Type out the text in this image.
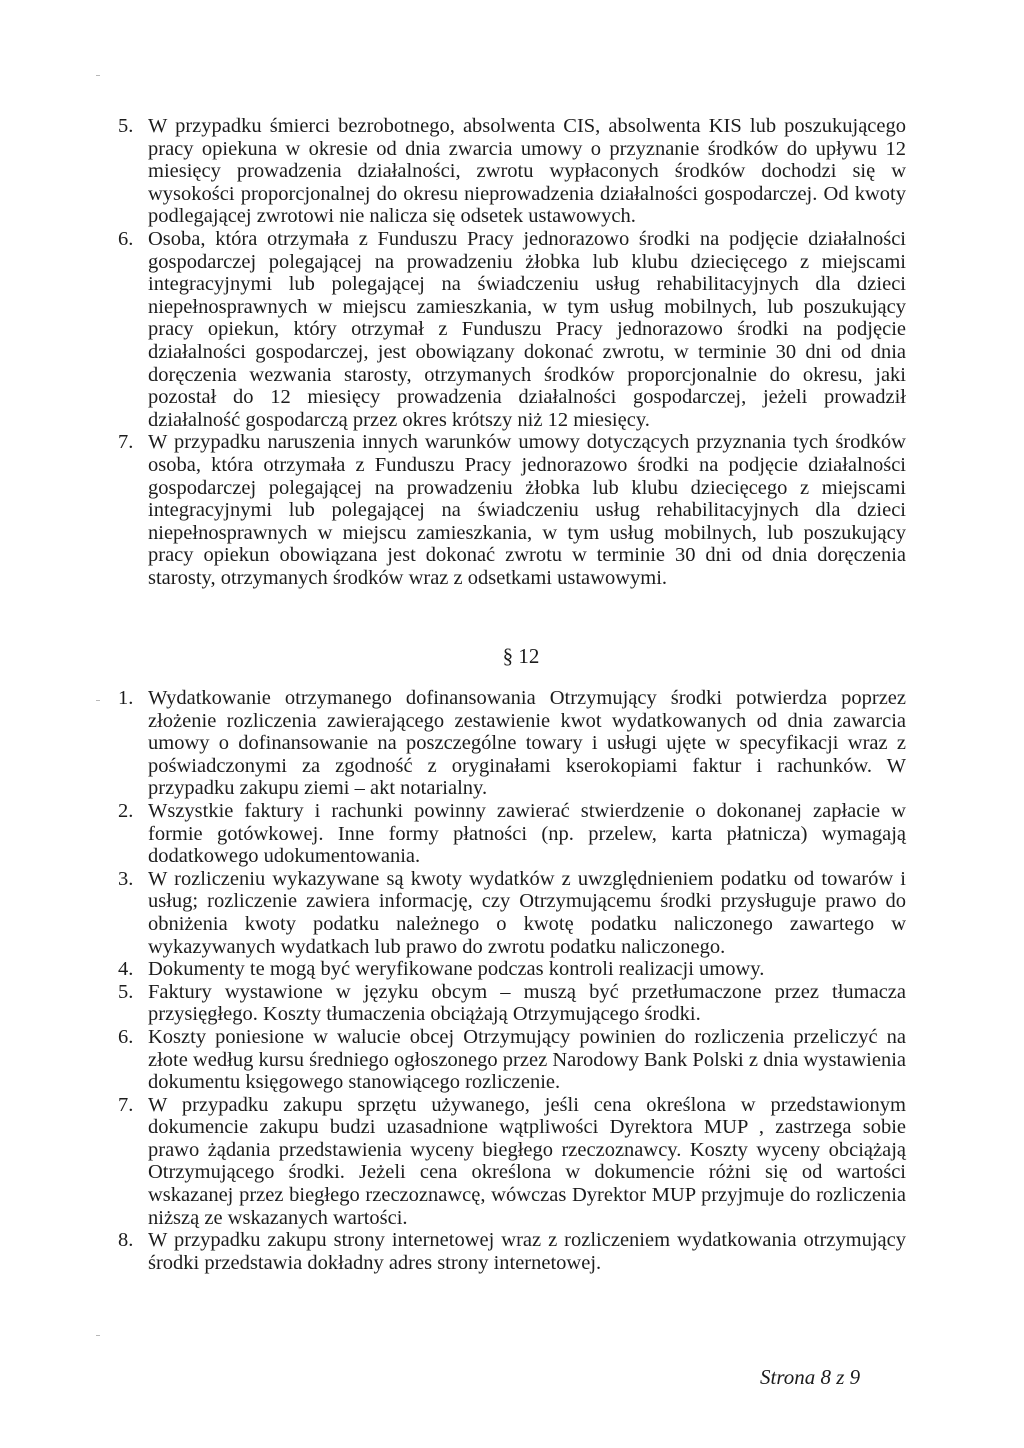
5. W przypadku śmierci bezrobotnego, absolwenta CIS, absolwenta KIS lub poszukującego pracy opiekuna w okresie od dnia zwarcia umowy o przyznanie środków do upływu 12 miesięcy prowadzenia działalności, zwrotu wypłaconych środków dochodzi się w wysokości proporcjonalnej do okresu nieprowadzenia działalności gospodarczej. Od kwoty podlegającej zwrotowi nie nalicza się odsetek ustawowych.
6. Osoba, która otrzymała z Funduszu Pracy jednorazowo środki na podjęcie działalności gospodarczej polegającej na prowadzeniu żłobka lub klubu dziecięcego z miejscami integracyjnymi lub polegającej na świadczeniu usług rehabilitacyjnych dla dzieci niepełnosprawnych w miejscu zamieszkania, w tym usług mobilnych, lub poszukujący pracy opiekun, który otrzymał z Funduszu Pracy jednorazowo środki na podjęcie działalności gospodarczej, jest obowiązany dokonać zwrotu, w terminie 30 dni od dnia doręczenia wezwania starosty, otrzymanych środków proporcjonalnie do okresu, jaki pozostał do 12 miesięcy prowadzenia działalności gospodarczej, jeżeli prowadził działalność gospodarczą przez okres krótszy niż 12 miesięcy.
7. W przypadku naruszenia innych warunków umowy dotyczących przyznania tych środków osoba, która otrzymała z Funduszu Pracy jednorazowo środki na podjęcie działalności gospodarczej polegającej na prowadzeniu żłobka lub klubu dziecięcego z miejscami integracyjnymi lub polegającej na świadczeniu usług rehabilitacyjnych dla dzieci niepełnosprawnych w miejscu zamieszkania, w tym usług mobilnych, lub poszukujący pracy opiekun obowiązana jest dokonać zwrotu w terminie 30 dni od dnia doręczenia starosty, otrzymanych środków wraz z odsetkami ustawowymi.
§ 12
1. Wydatkowanie otrzymanego dofinansowania Otrzymujący środki potwierdza poprzez złożenie rozliczenia zawierającego zestawienie kwot wydatkowanych od dnia zawarcia umowy o dofinansowanie na poszczególne towary i usługi ujęte w specyfikacji wraz z poświadczonymi za zgodność z oryginałami kserokopiami faktur i rachunków. W przypadku zakupu ziemi – akt notarialny.
2. Wszystkie faktury i rachunki powinny zawierać stwierdzenie o dokonanej zapłacie w formie gotówkowej. Inne formy płatności (np. przelew, karta płatnicza) wymagają dodatkowego udokumentowania.
3. W rozliczeniu wykazywane są kwoty wydatków z uwzględnieniem podatku od towarów i usług; rozliczenie zawiera informację, czy Otrzymującemu środki przysługuje prawo do obniżenia kwoty podatku należnego o kwotę podatku naliczonego zawartego w wykazywanych wydatkach lub prawo do zwrotu podatku naliczonego.
4. Dokumenty te mogą być weryfikowane podczas kontroli realizacji umowy.
5. Faktury wystawione w języku obcym – muszą być przetłumaczone przez tłumacza przysięgłego. Koszty tłumaczenia obciążają Otrzymującego środki.
6. Koszty poniesione w walucie obcej Otrzymujący powinien do rozliczenia przeliczyć na złote według kursu średniego ogłoszonego przez Narodowy Bank Polski z dnia wystawienia dokumentu księgowego stanowiącego rozliczenie.
7. W przypadku zakupu sprzętu używanego, jeśli cena określona w przedstawionym dokumencie zakupu budzi uzasadnione wątpliwości Dyrektora MUP , zastrzega sobie prawo żądania przedstawienia wyceny biegłego rzeczoznawcy. Koszty wyceny obciążają Otrzymującego środki. Jeżeli cena określona w dokumencie różni się od wartości wskazanej przez biegłego rzeczoznawcę, wówczas Dyrektor MUP przyjmuje do rozliczenia niższą ze wskazanych wartości.
8. W przypadku zakupu strony internetowej wraz z rozliczeniem wydatkowania otrzymujący środki przedstawia dokładny adres strony internetowej.
Strona 8 z 9
